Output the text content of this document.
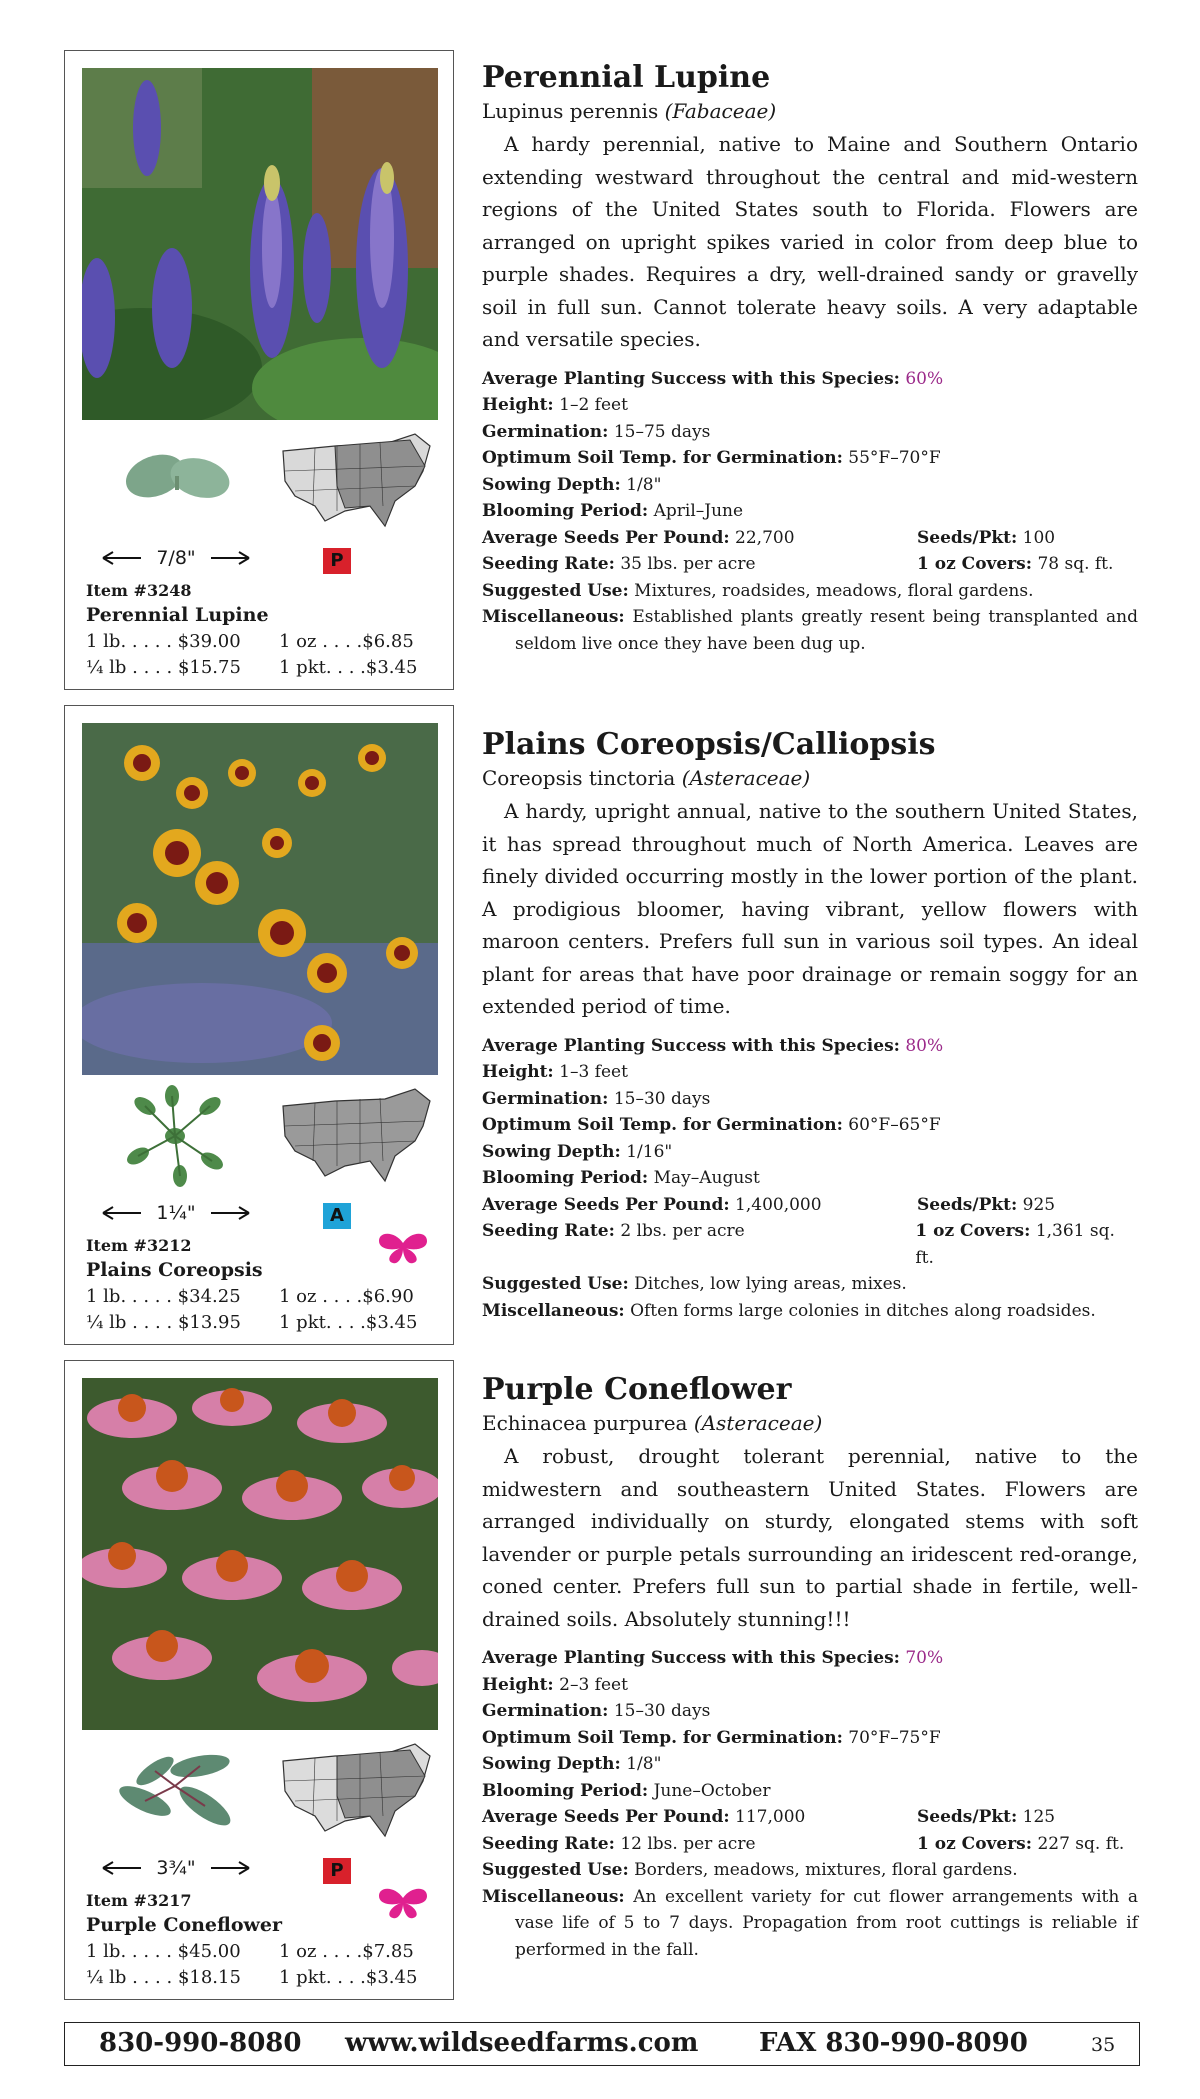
7/8"	P
Item #3248
Perennial Lupine
1 lb. . . . . $39.00 1 oz . . . .$6.85
¼ lb . . . . $15.75 1 pkt. . . .$3.45
Perennial Lupine
Lupinus perennis (Fabaceae)

A hardy perennial, native to Maine and Southern Ontario extending westward throughout the central and mid-western regions of the United States south to Florida. Flowers are arranged on upright spikes varied in color from deep blue to purple shades. Requires a dry, well-drained sandy or gravelly soil in full sun. Cannot tolerate heavy soils. A very adaptable and versatile species.

Average Planting Success with this Species: 60%
Height: 1–2 feet
Germination: 15–75 days
Optimum Soil Temp. for Germination: 55°F–70°F
Sowing Depth: 1/8"
Blooming Period: April–June
Average Seeds Per Pound: 22,700	Seeds/Pkt: 100
Seeding Rate: 35 lbs. per acre	1 oz Covers: 78 sq. ft.
Suggested Use: Mixtures, roadsides, meadows, floral gardens.
Miscellaneous: Established plants greatly resent being transplanted and seldom live once they have been dug up.
1¼"	A
Item #3212
Plains Coreopsis
1 lb. . . . . $34.25 1 oz . . . .$6.90
¼ lb . . . . $13.95 1 pkt. . . .$3.45
Plains Coreopsis/Calliopsis
Coreopsis tinctoria (Asteraceae)

A hardy, upright annual, native to the southern United States, it has spread throughout much of North America. Leaves are finely divided occurring mostly in the lower portion of the plant. A prodigious bloomer, having vibrant, yellow flowers with maroon centers. Prefers full sun in various soil types. An ideal plant for areas that have poor drainage or remain soggy for an extended period of time.

Average Planting Success with this Species: 80%
Height: 1–3 feet
Germination: 15–30 days
Optimum Soil Temp. for Germination: 60°F–65°F
Sowing Depth: 1/16"
Blooming Period: May–August
Average Seeds Per Pound: 1,400,000	Seeds/Pkt: 925
Seeding Rate: 2 lbs. per acre	1 oz Covers: 1,361 sq. ft.
Suggested Use: Ditches, low lying areas, mixes.
Miscellaneous: Often forms large colonies in ditches along roadsides.
3¾"	P
Item #3217
Purple Coneflower
1 lb. . . . . $45.00 1 oz . . . .$7.85
¼ lb . . . . $18.15 1 pkt. . . .$3.45
Purple Coneflower
Echinacea purpurea (Asteraceae)

A robust, drought tolerant perennial, native to the midwestern and southeastern United States. Flowers are arranged individually on sturdy, elongated stems with soft lavender or purple petals surrounding an iridescent red-orange, coned center. Prefers full sun to partial shade in fertile, well-drained soils. Absolutely stunning!!!

Average Planting Success with this Species: 70%
Height: 2–3 feet
Germination: 15–30 days
Optimum Soil Temp. for Germination: 70°F–75°F
Sowing Depth: 1/8"
Blooming Period: June–October
Average Seeds Per Pound: 117,000	Seeds/Pkt: 125
Seeding Rate: 12 lbs. per acre	1 oz Covers: 227 sq. ft.
Suggested Use: Borders, meadows, mixtures, floral gardens.
Miscellaneous: An excellent variety for cut flower arrangements with a vase life of 5 to 7 days. Propagation from root cuttings is reliable if performed in the fall.
830-990-8080 www.wildseedfarms.com FAX 830-990-8090	35
